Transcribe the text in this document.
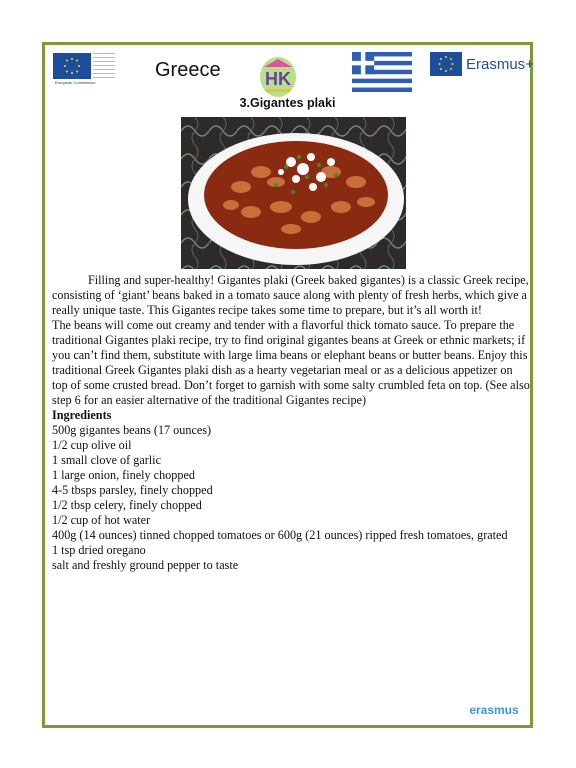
European Commission
Greece HK
Erasmus+
3.Gigantes plaki

Filling and super-healthy! Gigantes plaki (Greek baked gigantes) is a classic Greek recipe, consisting of ‘giant’ beans baked in a tomato sauce along with plenty of fresh herbs, which give a really unique taste. This Gigantes recipe takes some time to prepare, but it’s all worth it!

The beans will come out creamy and tender with a flavorful thick tomato sauce. To prepare the traditional Gigantes plaki recipe, try to find original gigantes beans at Greek or ethnic markets; if you can’t find them, substitute with large lima beans or elephant beans or butter beans. Enjoy this traditional Greek Gigantes plaki dish as a hearty vegetarian meal or as a delicious appetizer on top of some crusted bread. Don’t forget to garnish with some salty crumbled feta on top. (See also step 6 for an easier alternative of the traditional Gigantes recipe)

Ingredients

500g gigantes beans (17 ounces)

1/2 cup olive oil

1 small clove of garlic

1 large onion, finely chopped

4-5 tbsps parsley, finely chopped

1/2 tbsp celery, finely chopped

1/2 cup of hot water

400g (14 ounces) tinned chopped tomatoes or 600g (21 ounces) ripped fresh tomatoes, grated

1 tsp dried oregano

salt and freshly ground pepper to taste

erasmus
